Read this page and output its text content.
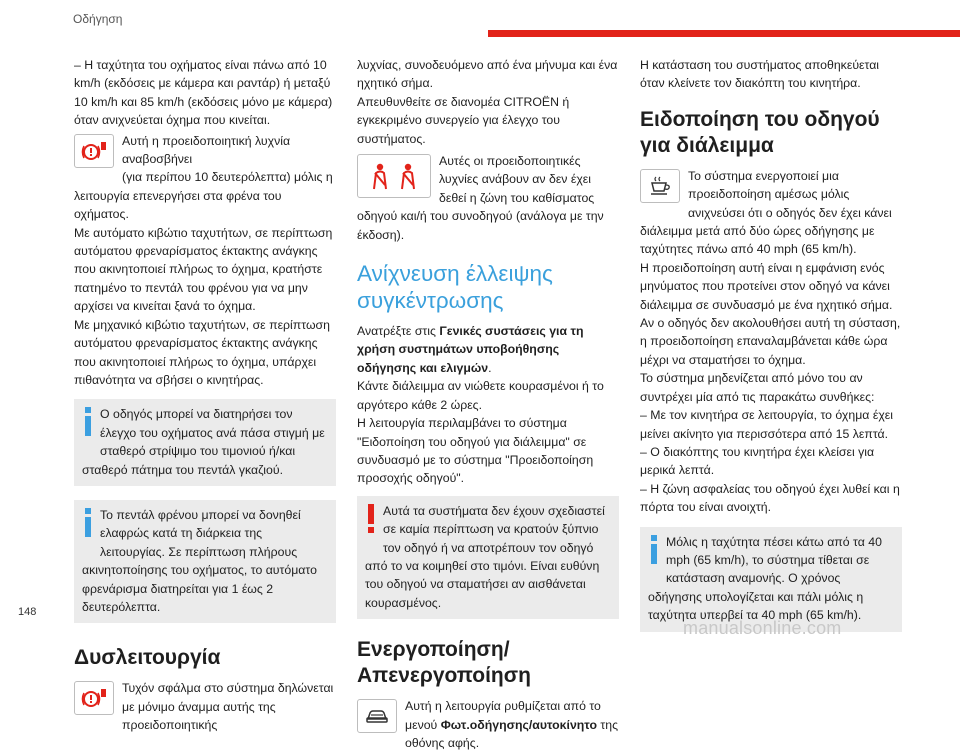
Οδήγηση

– Η ταχύτητα του οχήματος είναι πάνω από 10 km/h (εκδόσεις με κάμερα και ραντάρ) ή μεταξύ 10 km/h και 85 km/h (εκδόσεις μόνο με κάμερα) όταν ανιχνεύεται όχημα που κινείται.

Αυτή η προειδοποιητική λυχνία αναβοσβήνει
(για περίπου 10 δευτερόλεπτα) μόλις η
λειτουργία επενεργήσει στα φρένα του οχήματος.

Με αυτόματο κιβώτιο ταχυτήτων, σε περίπτωση αυτόματου φρεναρίσματος έκτακτης ανάγκης που ακινητοποιεί πλήρως το όχημα, κρατήστε πατημένο το πεντάλ του φρένου για να μην αρχίσει να κινείται ξανά το όχημα.

Με μηχανικό κιβώτιο ταχυτήτων, σε περίπτωση αυτόματου φρεναρίσματος έκτακτης ανάγκης που ακινητοποιεί πλήρως το όχημα, υπάρχει πιθανότητα να σβήσει ο κινητήρας.

Ο οδηγός μπορεί να διατηρήσει τον έλεγχο του οχήματος ανά πάσα στιγμή με σταθερό στρίψιμο του τιμονιού ή/και σταθερό πάτημα του πεντάλ γκαζιού.

Το πεντάλ φρένου μπορεί να δονηθεί ελαφρώς κατά τη διάρκεια της λειτουργίας. Σε περίπτωση πλήρους ακινητοποίησης του οχήματος, το αυτόματο φρενάρισμα διατηρείται για 1 έως 2 δευτερόλεπτα.

Δυσλειτουργία

Τυχόν σφάλμα στο σύστημα δηλώνεται με μόνιμο άναμμα αυτής της προειδοποιητικής

λυχνίας, συνοδευόμενο από ένα μήνυμα και ένα ηχητικό σήμα.

Απευθυνθείτε σε διανομέα CITROËN ή εγκεκριμένο συνεργείο για έλεγχο του συστήματος.

Αυτές οι προειδοποιητικές λυχνίες ανάβουν αν δεν έχει δεθεί η ζώνη του καθίσματος οδηγού και/ή του συνοδηγού (ανάλογα με την έκδοση).

Ανίχνευση έλλειψης συγκέντρωσης

Ανατρέξτε στις Γενικές συστάσεις για τη χρήση συστημάτων υποβοήθησης οδήγησης και ελιγμών.

Κάντε διάλειμμα αν νιώθετε κουρασμένοι ή το αργότερο κάθε 2 ώρες.

Η λειτουργία περιλαμβάνει το σύστημα "Ειδοποίηση του οδηγού για διάλειμμα" σε συνδυασμό με το σύστημα "Προειδοποίηση προσοχής οδηγού".

Αυτά τα συστήματα δεν έχουν σχεδιαστεί σε καμία περίπτωση να κρατούν ξύπνιο τον οδηγό ή να αποτρέπουν τον οδηγό από το να κοιμηθεί στο τιμόνι. Είναι ευθύνη του οδηγού να σταματήσει αν αισθάνεται κουρασμένος.

Ενεργοποίηση/ Απενεργοποίηση

Αυτή η λειτουργία ρυθμίζεται από το μενού Φωτ.οδήγησης/αυτοκίνητο της οθόνης αφής.

Η κατάσταση του συστήματος αποθηκεύεται όταν κλείνετε τον διακόπτη του κινητήρα.

Ειδοποίηση του οδηγού για διάλειμμα

Το σύστημα ενεργοποιεί μια προειδοποίηση αμέσως μόλις ανιχνεύσει ότι ο οδηγός δεν έχει κάνει διάλειμμα μετά από δύο ώρες οδήγησης με ταχύτητες πάνω από 40 mph (65 km/h).

Η προειδοποίηση αυτή είναι η εμφάνιση ενός μηνύματος που προτείνει στον οδηγό να κάνει διάλειμμα σε συνδυασμό με ένα ηχητικό σήμα.

Αν ο οδηγός δεν ακολουθήσει αυτή τη σύσταση, η προειδοποίηση επαναλαμβάνεται κάθε ώρα μέχρι να σταματήσει το όχημα.

Το σύστημα μηδενίζεται από μόνο του αν συντρέχει μία από τις παρακάτω συνθήκες:

– Με τον κινητήρα σε λειτουργία, το όχημα έχει μείνει ακίνητο για περισσότερα από 15 λεπτά.

– Ο διακόπτης του κινητήρα έχει κλείσει για μερικά λεπτά.

– Η ζώνη ασφαλείας του οδηγού έχει λυθεί και η πόρτα του είναι ανοιχτή.

Μόλις η ταχύτητα πέσει κάτω από τα 40 mph (65 km/h), το σύστημα τίθεται σε κατάσταση αναμονής. Ο χρόνος οδήγησης υπολογίζεται και πάλι μόλις η ταχύτητα υπερβεί τα 40 mph (65 km/h).

148
manualsonline.com
